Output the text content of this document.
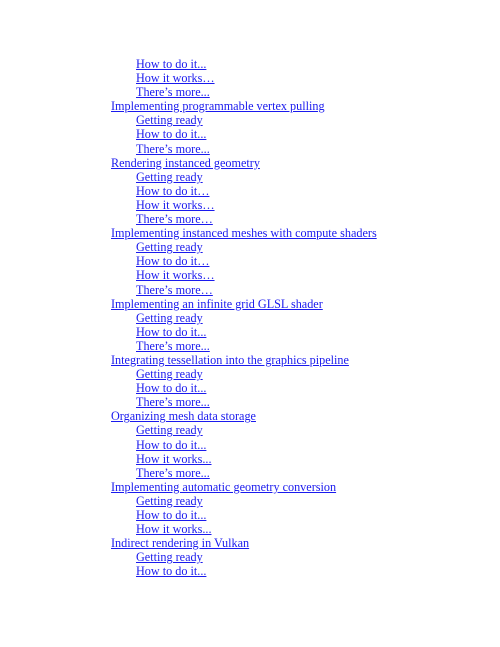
How to do it...
How it works…
There’s more...
Implementing programmable vertex pulling
Getting ready
How to do it...
There’s more...
Rendering instanced geometry
Getting ready
How to do it…
How it works…
There’s more…
Implementing instanced meshes with compute shaders
Getting ready
How to do it…
How it works…
There’s more…
Implementing an infinite grid GLSL shader
Getting ready
How to do it...
There’s more...
Integrating tessellation into the graphics pipeline
Getting ready
How to do it...
There’s more...
Organizing mesh data storage
Getting ready
How to do it...
How it works...
There’s more...
Implementing automatic geometry conversion
Getting ready
How to do it...
How it works...
Indirect rendering in Vulkan
Getting ready
How to do it...
